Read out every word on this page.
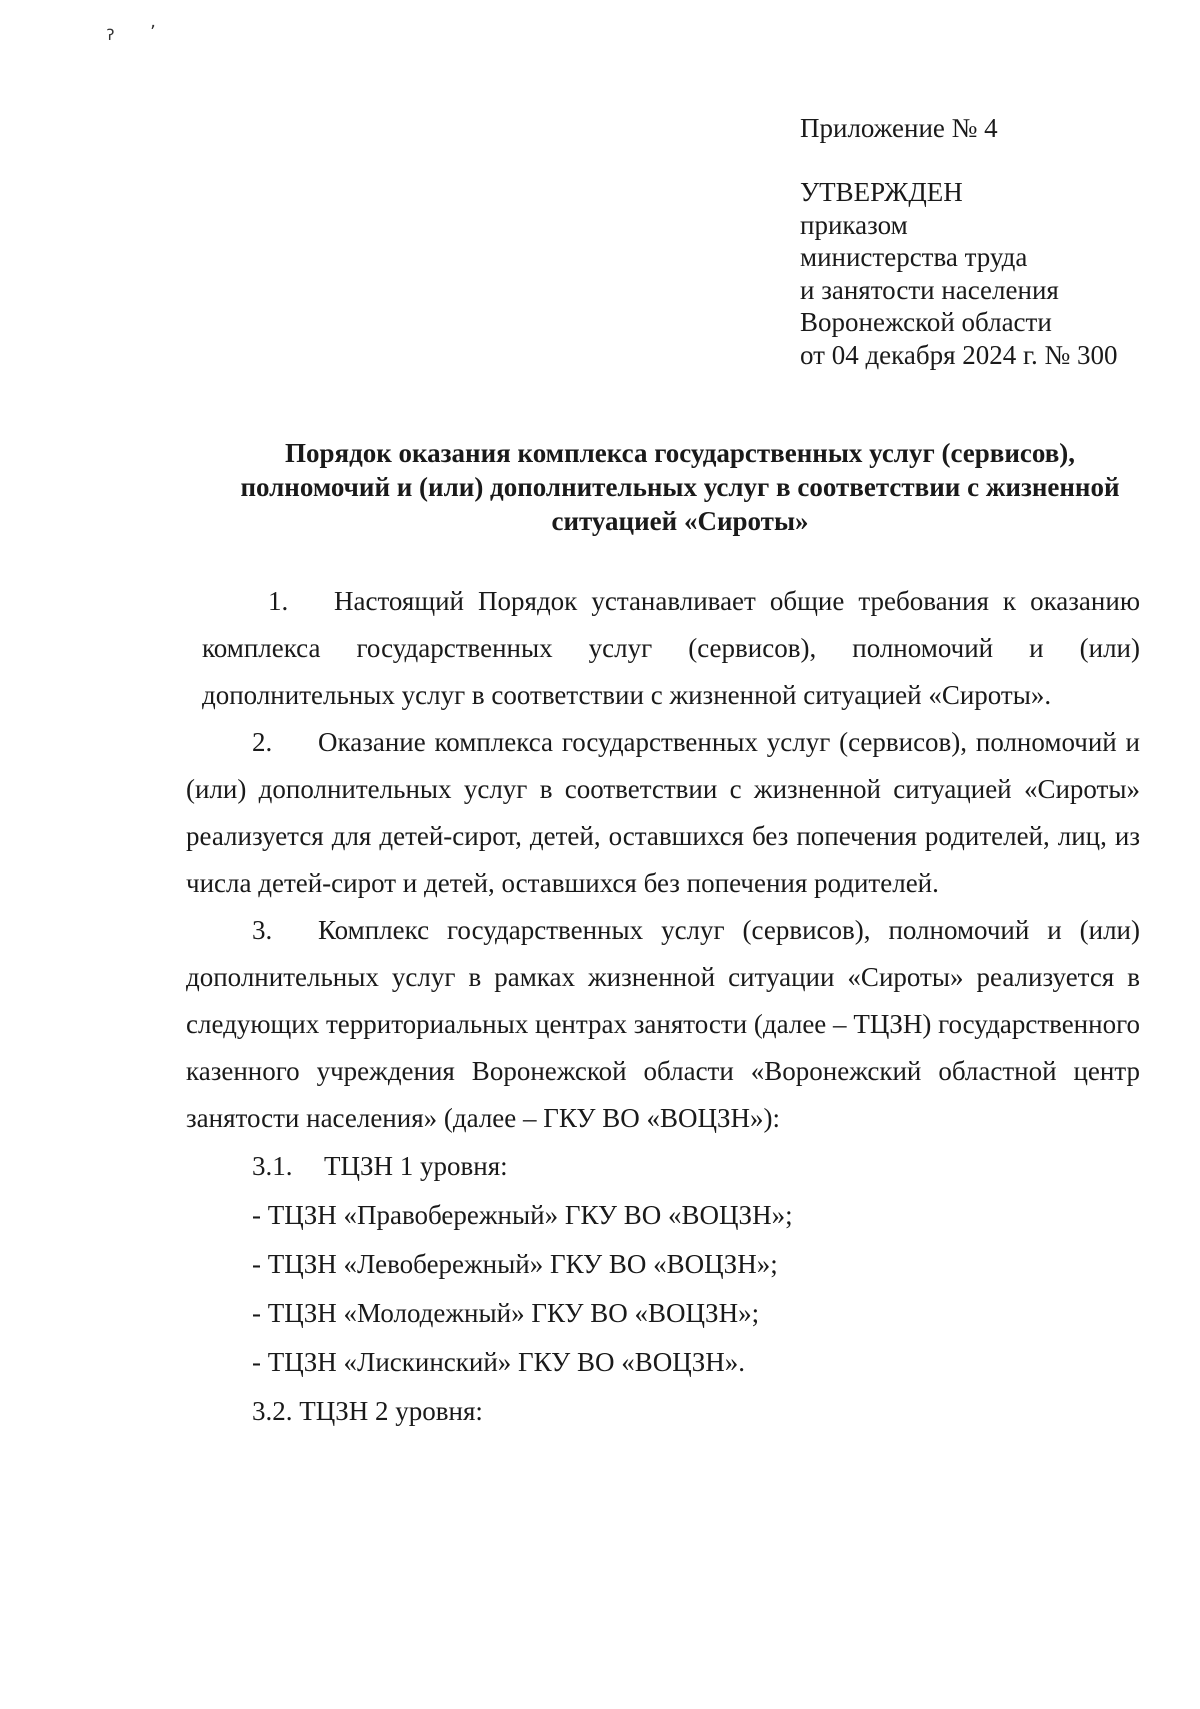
ॽ ʼ
Приложение № 4
УТВЕРЖДЕН
приказом
министерства труда
и занятости населения
Воронежской области
от 04 декабря 2024 г. № 300
Порядок оказания комплекса государственных услуг (сервисов),
полномочий и (или) дополнительных услуг в соответствии с жизненной
ситуацией «Сироты»

1. Настоящий Порядок устанавливает общие требования к оказанию комплекса государственных услуг (сервисов), полномочий и (или) дополнительных услуг в соответствии с жизненной ситуацией «Сироты».

2. Оказание комплекса государственных услуг (сервисов), полномочий и (или) дополнительных услуг в соответствии с жизненной ситуацией «Сироты» реализуется для детей-сирот, детей, оставшихся без попечения родителей, лиц, из числа детей-сирот и детей, оставшихся без попечения родителей.

3. Комплекс государственных услуг (сервисов), полномочий и (или) дополнительных услуг в рамках жизненной ситуации «Сироты» реализуется в следующих территориальных центрах занятости (далее – ТЦЗН) государственного казенного учреждения Воронежской области «Воронежский областной центр занятости населения» (далее – ГКУ ВО «ВОЦЗН»):

3.1. ТЦЗН 1 уровня:
- ТЦЗН «Правобережный» ГКУ ВО «ВОЦЗН»;
- ТЦЗН «Левобережный» ГКУ ВО «ВОЦЗН»;
- ТЦЗН «Молодежный» ГКУ ВО «ВОЦЗН»;
- ТЦЗН «Лискинский» ГКУ ВО «ВОЦЗН».
3.2. ТЦЗН 2 уровня:
